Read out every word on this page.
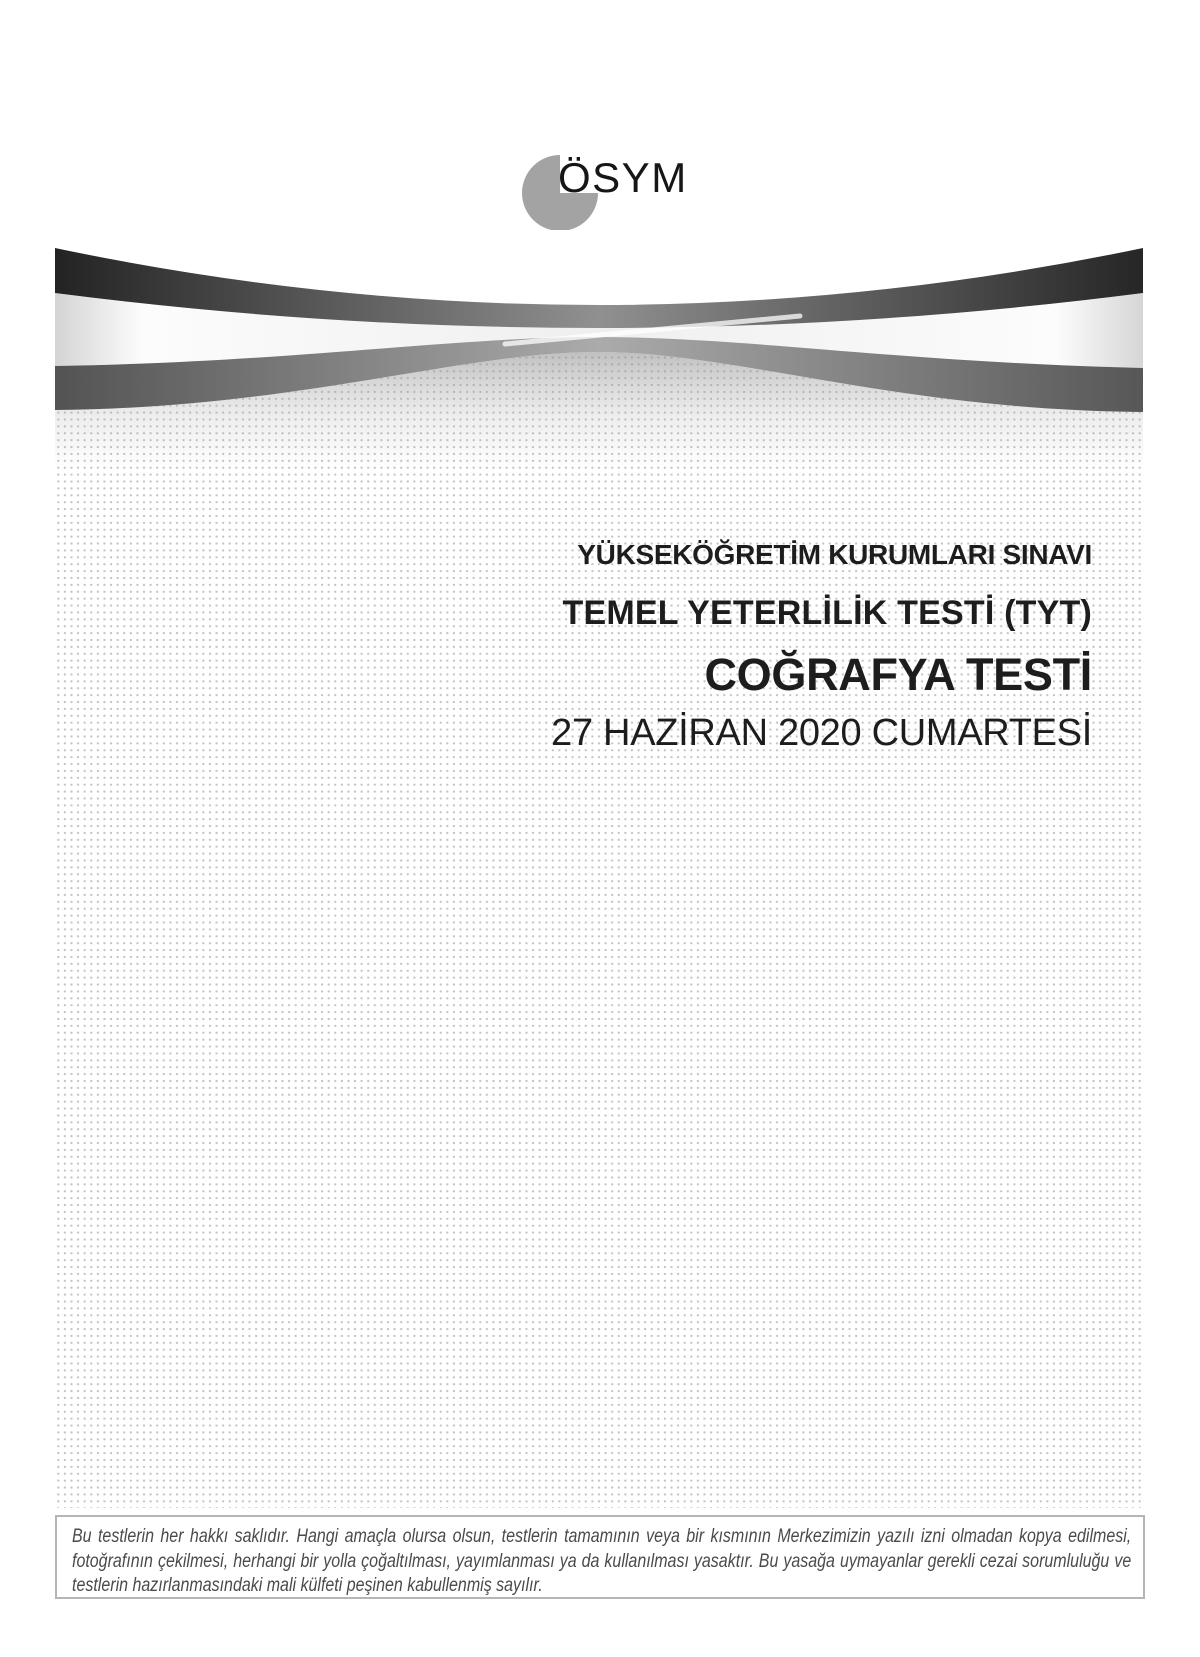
ÖSYM
YÜKSEKÖĞRETİM KURUMLARI SINAVI
TEMEL YETERLİLİK TESTİ (TYT)
COĞRAFYA TESTİ
27 HAZİRAN 2020 CUMARTESİ

Bu testlerin her hakkı saklıdır. Hangi amaçla olursa olsun, testlerin tamamının veya bir kısmının Merkezimizin yazılı izni olmadan kopya edilmesi, fotoğrafının çekilmesi, herhangi bir yolla çoğaltılması, yayımlanması ya da kullanılması yasaktır. Bu yasağa uymayanlar gerekli cezai sorumluluğu ve testlerin hazırlanmasındaki mali külfeti peşinen kabullenmiş sayılır.
